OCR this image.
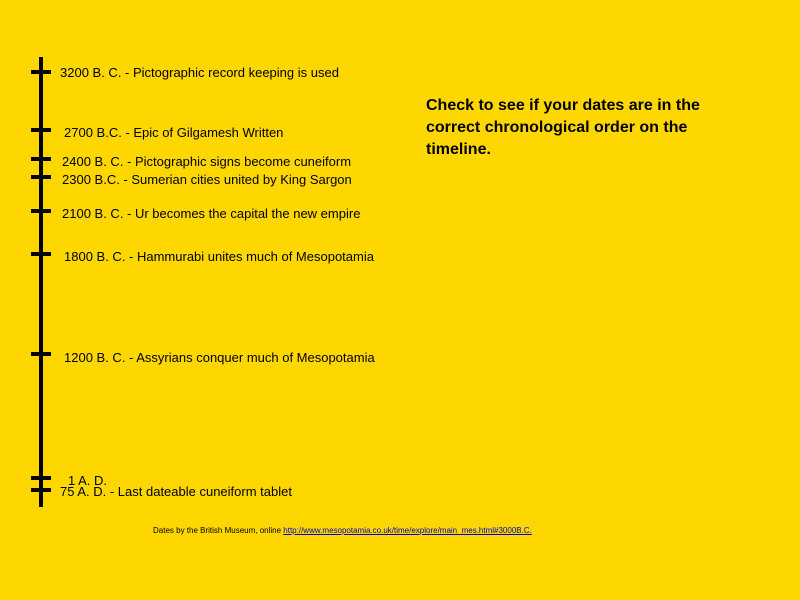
3200 B. C. - Pictographic record keeping is used
2700 B.C. - Epic of Gilgamesh Written
2400 B. C. - Pictographic signs become cuneiform
2300 B.C. - Sumerian cities united by King Sargon
2100 B. C. - Ur becomes the capital the new empire
1800 B. C. - Hammurabi unites much of Mesopotamia
1200 B. C. - Assyrians conquer much of Mesopotamia
1 A. D.
75 A. D. - Last dateable cuneiform tablet
Check to see if your dates are in the correct chronological order on the timeline.
Dates by the British Museum, online http://www.mesopotamia.co.uk/time/explore/main_mes.html#3000B.C.
